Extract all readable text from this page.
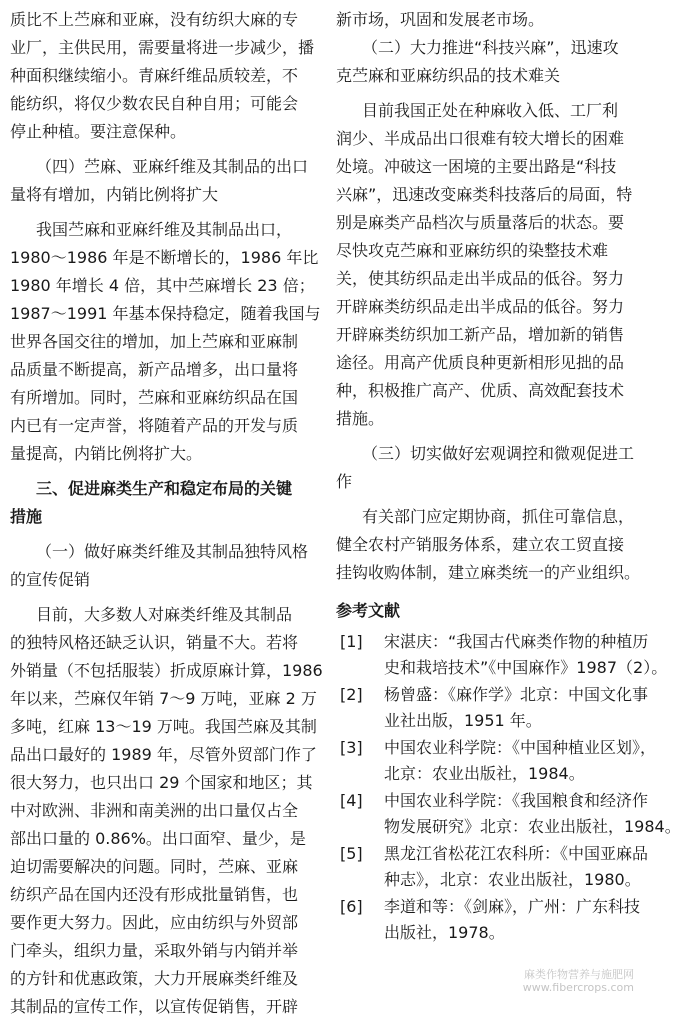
质比不上苎麻和亚麻，没有纺织大麻的专
业厂，主供民用，需要量将进一步减少，播
种面积继续缩小。青麻纤维品质较差，不
能纺织，将仅少数农民自种自用；可能会
停止种植。要注意保种。
（四）苎麻、亚麻纤维及其制品的出口
量将有增加，内销比例将扩大
我国苎麻和亚麻纤维及其制品出口，
1980～1986 年是不断增长的，1986 年比
1980 年增长 4 倍，其中苎麻增长 23 倍；
1987～1991 年基本保持稳定，随着我国与
世界各国交往的增加，加上苎麻和亚麻制
品质量不断提高，新产品增多，出口量将
有所增加。同时，苎麻和亚麻纺织品在国
内已有一定声誉，将随着产品的开发与质
量提高，内销比例将扩大。
三、促进麻类生产和稳定布局的关键
措施
（一）做好麻类纤维及其制品独特风格
的宣传促销
目前，大多数人对麻类纤维及其制品
的独特风格还缺乏认识，销量不大。若将
外销量（不包括服装）折成原麻计算，1986
年以来，苎麻仅年销 7～9 万吨，亚麻 2 万
多吨，红麻 13～19 万吨。我国苎麻及其制
品出口最好的 1989 年，尽管外贸部门作了
很大努力，也只出口 29 个国家和地区；其
中对欧洲、非洲和南美洲的出口量仅占全
部出口量的 0.86%。出口面窄、量少，是
迫切需要解决的问题。同时，苎麻、亚麻
纺织产品在国内还没有形成批量销售，也
要作更大努力。因此，应由纺织与外贸部
门牵头，组织力量，采取外销与内销并举
的方针和优惠政策，大力开展麻类纤维及
其制品的宣传工作，以宣传促销售，开辟
新市场，巩固和发展老市场。
（二）大力推进“科技兴麻”，迅速攻
克苎麻和亚麻纺织品的技术难关
目前我国正处在种麻收入低、工厂利
润少、半成品出口很难有较大增长的困难
处境。冲破这一困境的主要出路是“科技
兴麻”，迅速改变麻类科技落后的局面，特
别是麻类产品档次与质量落后的状态。要
尽快攻克苎麻和亚麻纺织的染整技术难
关，使其纺织品走出半成品的低谷。努力
开辟麻类纺织品走出半成品的低谷。努力
开辟麻类纺织加工新产品，增加新的销售
途径。用高产优质良种更新相形见拙的品
种，积极推广高产、优质、高效配套技术
措施。
（三）切实做好宏观调控和微观促进工
作
有关部门应定期协商，抓住可靠信息，
健全农村产销服务体系，建立农工贸直接
挂钩收购体制，建立麻类统一的产业组织。
参考文献
[1] 宋湛庆：“我国古代麻类作物的种植历
史和栽培技术”《中国麻作》1987（2）。
[2] 杨曾盛：《麻作学》北京：中国文化事
业社出版，1951 年。
[3] 中国农业科学院：《中国种植业区划》，
北京：农业出版社，1984。
[4] 中国农业科学院：《我国粮食和经济作
物发展研究》北京：农业出版社，1984。
[5] 黑龙江省松花江农科所：《中国亚麻品
种志》，北京：农业出版社，1980。
[6] 李道和等：《剑麻》，广州：广东科技
出版社，1978。
麻类作物营养与施肥网
www.fibercrops.com
